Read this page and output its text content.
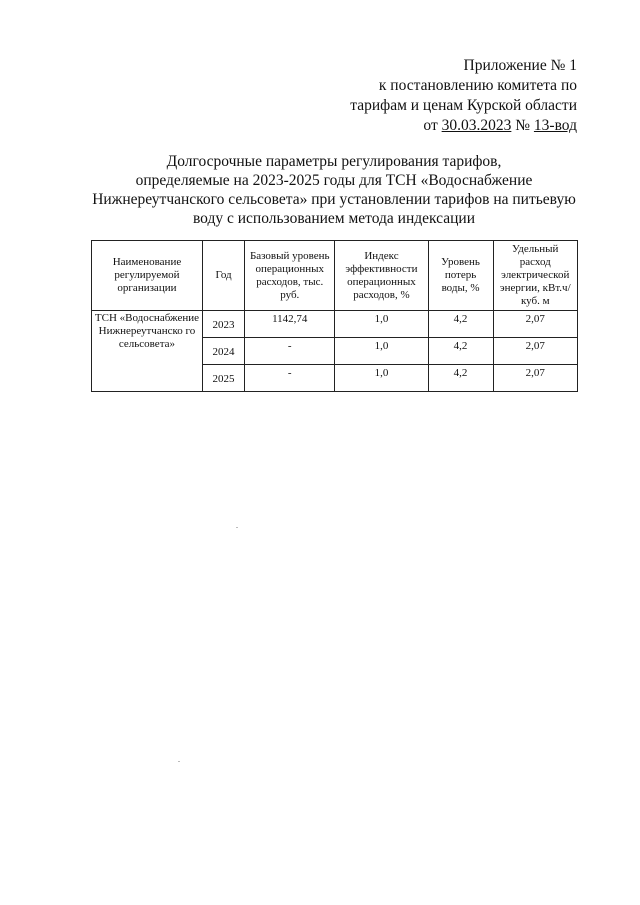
Приложение № 1
к постановлению комитета по
тарифам и ценам Курской области
от 30.03.2023 № 13-вод
Долгосрочные параметры регулирования тарифов,
определяемые на 2023-2025 годы для ТСН «Водоснабжение
Нижнереутчанского сельсовета» при установлении тарифов на питьевую
воду с использованием метода индексации
Наименование регулируемой организации	Год	Базовый уровень операционных расходов, тыс. руб.	Индекс эффективности операционных расходов, %	Уровень потерь воды, %	Удельный расход электрической энергии, кВт.ч/куб. м
ТСН «Водоснабжение Нижнереутчанско го сельсовета»	2023	1142,74	1,0	4,2	2,07
	2024	-	1,0	4,2	2,07
	2025	-	1,0	4,2	2,07
